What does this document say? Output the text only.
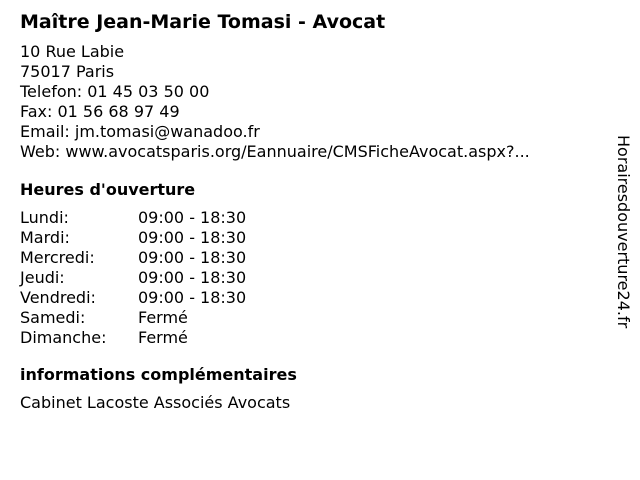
Maître Jean-Marie Tomasi - Avocat
10 Rue Labie
75017 Paris
Telefon: 01 45 03 50 00
Fax: 01 56 68 97 49
Email: jm.tomasi@wanadoo.fr
Web: www.avocatsparis.org/Eannuaire/CMSFicheAvocat.aspx?...
Heures d'ouverture
Lundi:	09:00 - 18:30
Mardi:	09:00 - 18:30
Mercredi:	09:00 - 18:30
Jeudi:	09:00 - 18:30
Vendredi:	09:00 - 18:30
Samedi:	Fermé
Dimanche:	Fermé
informations complémentaires
Cabinet Lacoste Associés Avocats
Horairesdouverture24.fr
